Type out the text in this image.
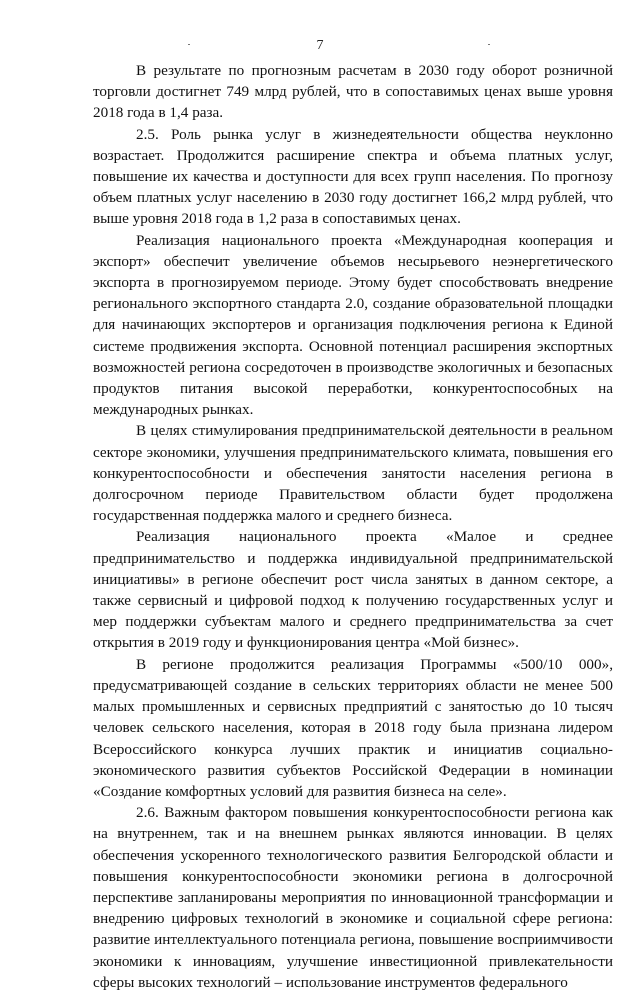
7

В результате по прогнозным расчетам в 2030 году оборот розничной торговли достигнет 749 млрд рублей, что в сопоставимых ценах выше уровня 2018 года в 1,4 раза.

2.5. Роль рынка услуг в жизнедеятельности общества неуклонно возрастает. Продолжится расширение спектра и объема платных услуг, повышение их качества и доступности для всех групп населения. По прогнозу объем платных услуг населению в 2030 году достигнет 166,2 млрд рублей, что выше уровня 2018 года в 1,2 раза в сопоставимых ценах.

Реализация национального проекта «Международная кооперация и экспорт» обеспечит увеличение объемов несырьевого неэнергетического экспорта в прогнозируемом периоде. Этому будет способствовать внедрение регионального экспортного стандарта 2.0, создание образовательной площадки для начинающих экспортеров и организация подключения региона к Единой системе продвижения экспорта. Основной потенциал расширения экспортных возможностей региона сосредоточен в производстве экологичных и безопасных продуктов питания высокой переработки, конкурентоспособных на международных рынках.

В целях стимулирования предпринимательской деятельности в реальном секторе экономики, улучшения предпринимательского климата, повышения его конкурентоспособности и обеспечения занятости населения региона в долгосрочном периоде Правительством области будет продолжена государственная поддержка малого и среднего бизнеса.

Реализация национального проекта «Малое и среднее предпринимательство и поддержка индивидуальной предпринимательской инициативы» в регионе обеспечит рост числа занятых в данном секторе, а также сервисный и цифровой подход к получению государственных услуг и мер поддержки субъектам малого и среднего предпринимательства за счет открытия в 2019 году и функционирования центра «Мой бизнес».

В регионе продолжится реализация Программы «500/10 000», предусматривающей создание в сельских территориях области не менее 500 малых промышленных и сервисных предприятий с занятостью до 10 тысяч человек сельского населения, которая в 2018 году была признана лидером Всероссийского конкурса лучших практик и инициатив социально-экономического развития субъектов Российской Федерации в номинации «Создание комфортных условий для развития бизнеса на селе».

2.6. Важным фактором повышения конкурентоспособности региона как на внутреннем, так и на внешнем рынках являются инновации. В целях обеспечения ускоренного технологического развития Белгородской области и повышения конкурентоспособности экономики региона в долгосрочной перспективе запланированы мероприятия по инновационной трансформации и внедрению цифровых технологий в экономике и социальной сфере региона: развитие интеллектуального потенциала региона, повышение восприимчивости экономики к инновациям, улучшение инвестиционной привлекательности сферы высоких технологий – использование инструментов федерального
